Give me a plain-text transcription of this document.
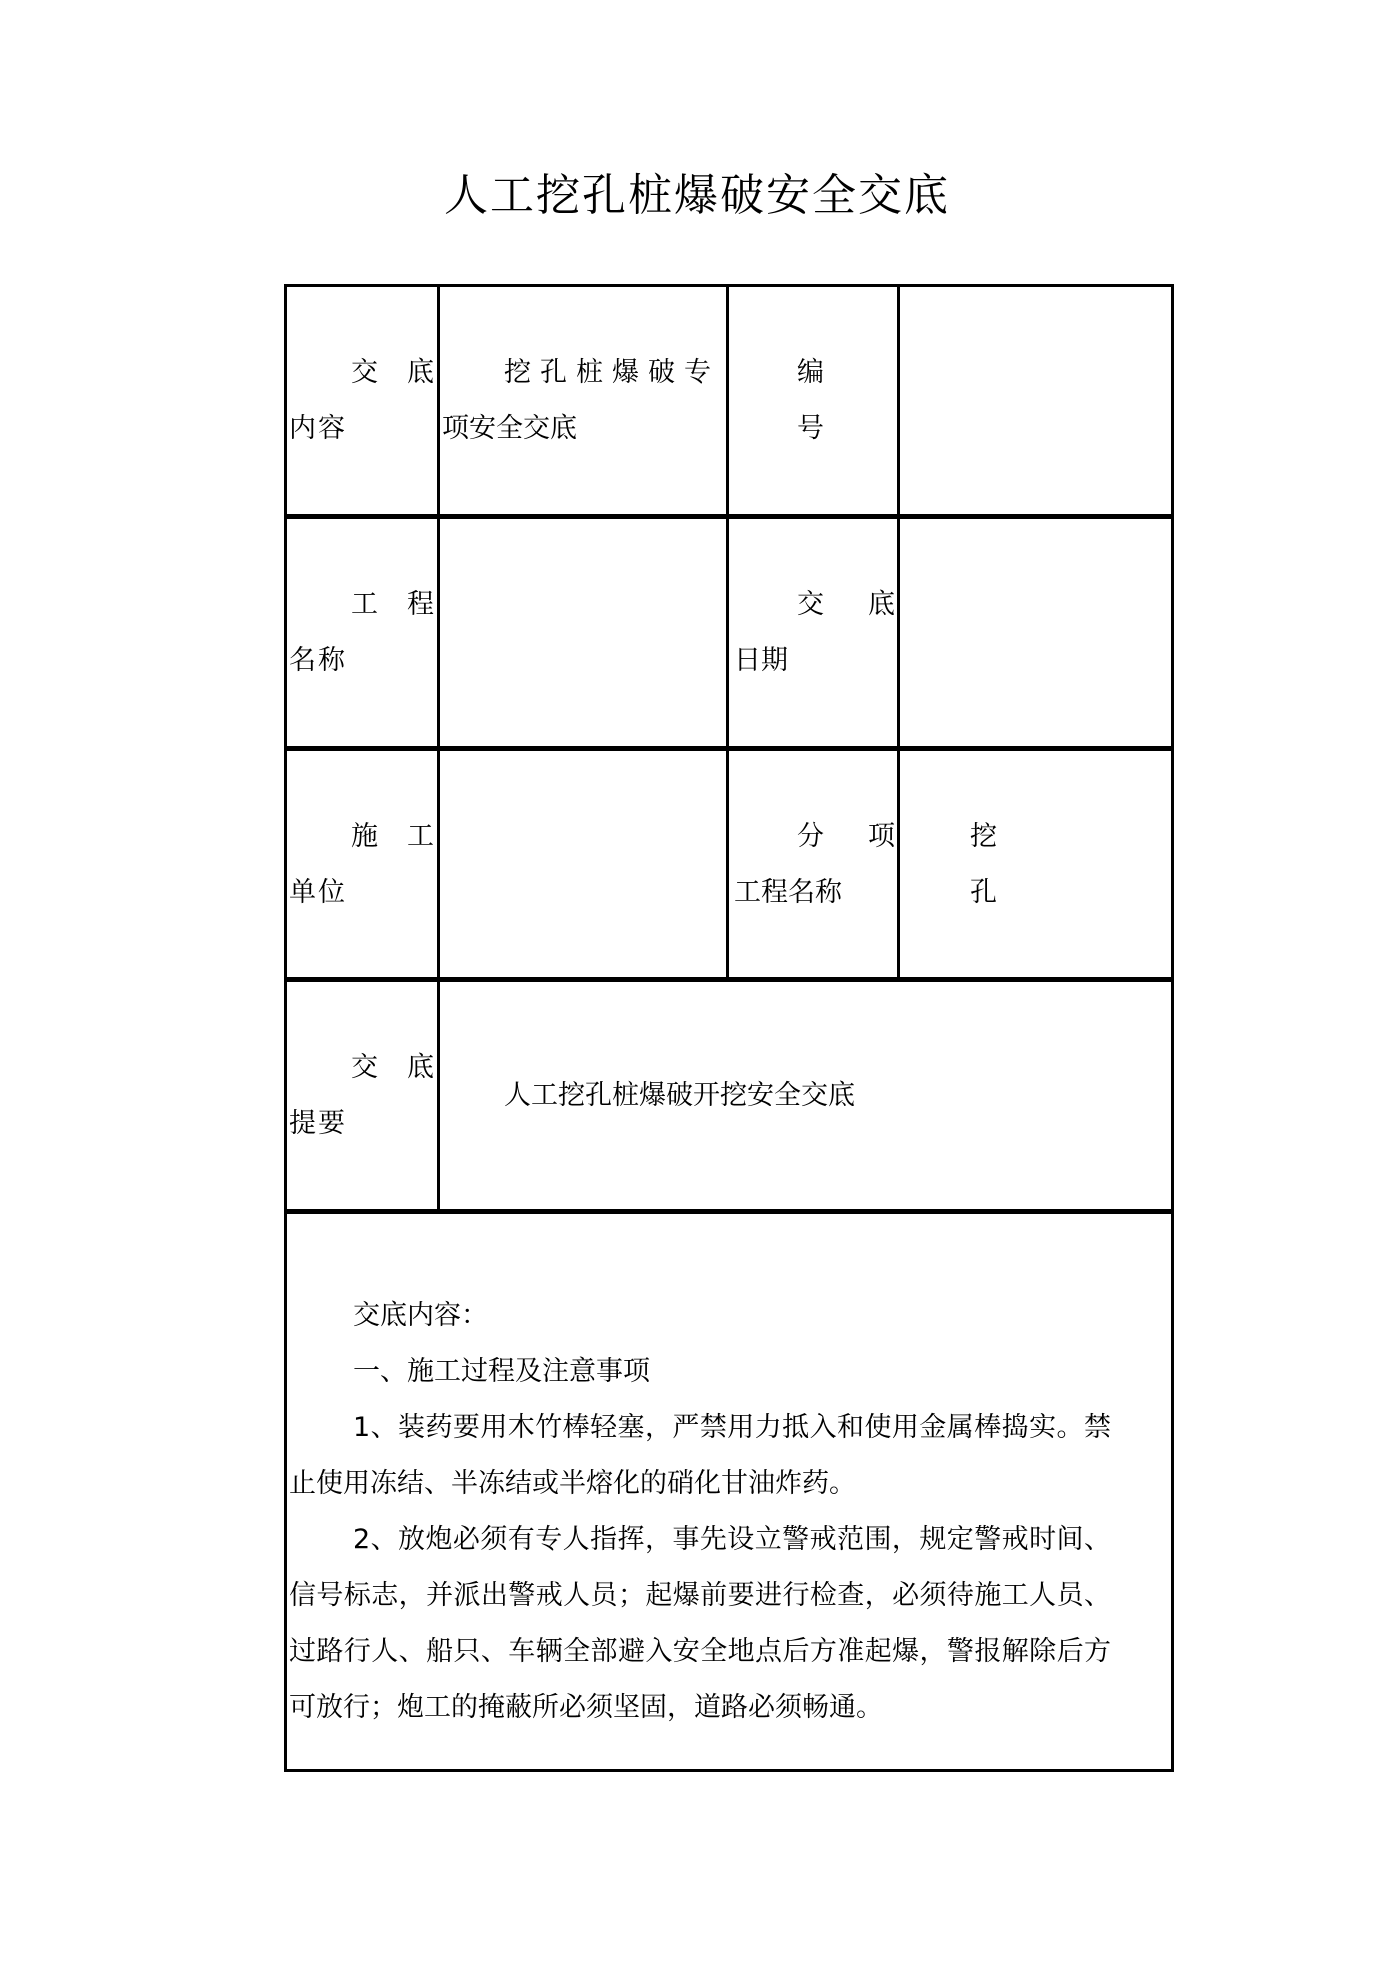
人工挖孔桩爆破安全交底
交底
内容
挖孔桩爆破专
项安全交底
编
号
工程
名称
交底
日期
施工
单位
分项
工程名称
挖
孔
交底
提要
人工挖孔桩爆破开挖安全交底

交底内容：

一、施工过程及注意事项

1、装药要用木竹棒轻塞，严禁用力抵入和使用金属棒捣实。禁止使用冻结、半冻结或半熔化的硝化甘油炸药。

2、放炮必须有专人指挥，事先设立警戒范围，规定警戒时间、信号标志，并派出警戒人员；起爆前要进行检查，必须待施工人员、过路行人、船只、车辆全部避入安全地点后方准起爆，警报解除后方可放行；炮工的掩蔽所必须坚固，道路必须畅通。
